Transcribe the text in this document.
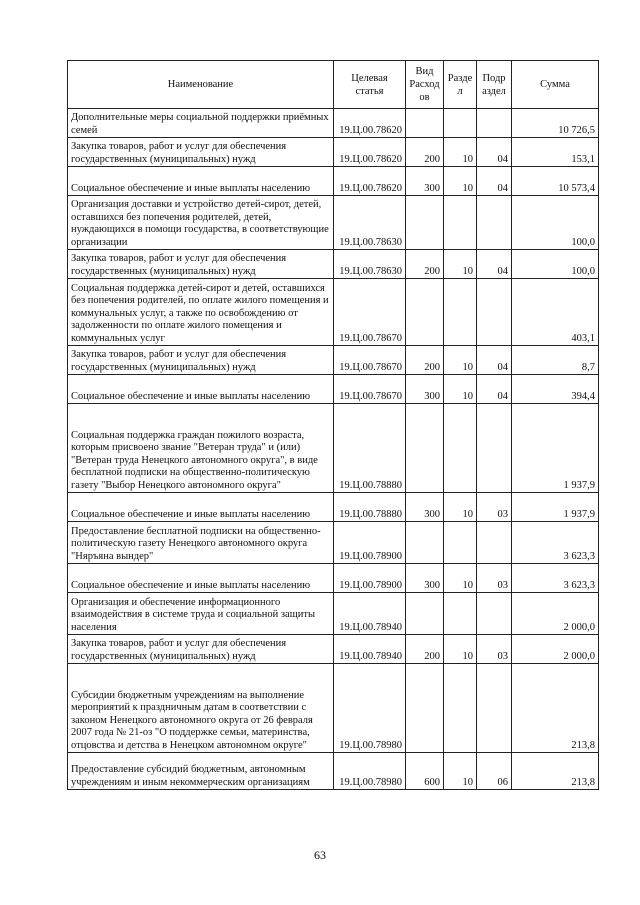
Наименование	Целевая статья	Вид Расход ов	Разде л	Подр аздел	Сумма
Дополнительные меры социальной поддержки приёмных семей	19.Ц.00.78620				10 726,5
Закупка товаров, работ и услуг для обеспечения государственных (муниципальных) нужд	19.Ц.00.78620	200	10	04	153,1
Социальное обеспечение и иные выплаты населению	19.Ц.00.78620	300	10	04	10 573,4
Организация доставки и устройство детей-сирот, детей, оставшихся без попечения родителей, детей, нуждающихся в помощи государства, в соответствующие организации	19.Ц.00.78630				100,0
Закупка товаров, работ и услуг для обеспечения государственных (муниципальных) нужд	19.Ц.00.78630	200	10	04	100,0
Социальная поддержка детей-сирот и детей, оставшихся без попечения родителей, по оплате жилого помещения и коммунальных услуг, а также по освобождению от задолженности по оплате жилого помещения и коммунальных услуг	19.Ц.00.78670				403,1
Закупка товаров, работ и услуг для обеспечения государственных (муниципальных) нужд	19.Ц.00.78670	200	10	04	8,7
Социальное обеспечение и иные выплаты населению	19.Ц.00.78670	300	10	04	394,4
Социальная поддержка граждан пожилого возраста, которым присвоено звание "Ветеран труда" и (или) "Ветеран труда Ненецкого автономного округа", в виде бесплатной подписки на общественно-политическую газету "Выбор Ненецкого автономного округа"	19.Ц.00.78880				1 937,9
Социальное обеспечение и иные выплаты населению	19.Ц.00.78880	300	10	03	1 937,9
Предоставление бесплатной подписки на общественно-политическую газету Ненецкого автономного округа "Няръяна вындер"	19.Ц.00.78900				3 623,3
Социальное обеспечение и иные выплаты населению	19.Ц.00.78900	300	10	03	3 623,3
Организация и обеспечение информационного взаимодействия в системе труда и социальной защиты населения	19.Ц.00.78940				2 000,0
Закупка товаров, работ и услуг для обеспечения государственных (муниципальных) нужд	19.Ц.00.78940	200	10	03	2 000,0
Субсидии бюджетным учреждениям на выполнение мероприятий к праздничным датам в соответствии с законом Ненецкого автономного округа от 26 февраля 2007 года № 21-оз "О поддержке семьи, материнства, отцовства и детства в Ненецком автономном округе"	19.Ц.00.78980				213,8
Предоставление субсидий бюджетным, автономным учреждениям и иным некоммерческим организациям	19.Ц.00.78980	600	10	06	213,8
63
